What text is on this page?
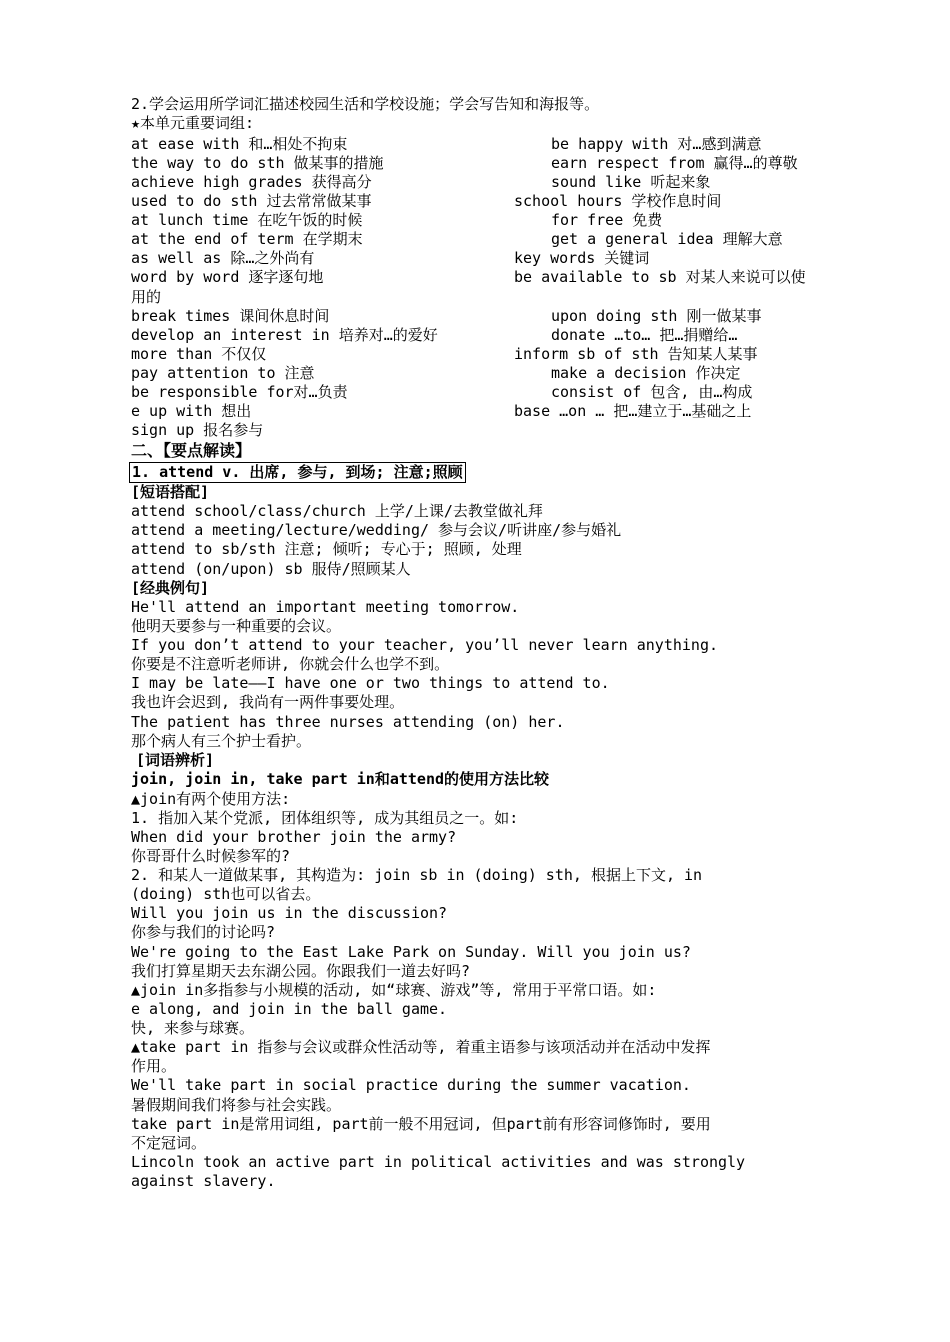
2.学会运用所学词汇描述校园生活和学校设施；学会写告知和海报等。
★本单元重要词组:
at ease with 和…相处不拘束
the way to do sth 做某事的措施
achieve high grades 获得高分
used to do sth 过去常常做某事
at lunch time 在吃午饭的时候
at the end of term 在学期末
as well as 除…之外尚有
word by word 逐字逐句地
be happy with 对…感到满意
earn respect from 赢得…的尊敬
sound like 听起来象
school hours 学校作息时间
for free 免费
get a general idea 理解大意
key words 关键词
be available to sb 对某人来说可以使
用的
break times 课间休息时间
develop an interest in 培养对…的爱好
more than 不仅仅
pay attention to 注意
be responsible for对…负责
e up with 想出
sign up 报名参与
upon doing sth 刚一做某事
donate …to… 把…捐赠给…
inform sb of sth 告知某人某事
make a decision 作决定
consist of 包含, 由…构成
base …on … 把…建立于…基础之上
二、【要点解读】
1. attend v. 出席, 参与, 到场; 注意;照顾
[短语搭配]
attend school/class/church 上学/上课/去教堂做礼拜
attend a meeting/lecture/wedding/ 参与会议/听讲座/参与婚礼
attend to sb/sth 注意; 倾听; 专心于; 照顾, 处理
attend (on/upon) sb 服侍/照顾某人
[经典例句]
He'll attend an important meeting tomorrow.
他明天要参与一种重要的会议。
If you don’t attend to your teacher, you’ll never learn anything.
你要是不注意听老师讲, 你就会什么也学不到。
I may be late——I have one or two things to attend to.
我也许会迟到, 我尚有一两件事要处理。
The patient has three nurses attending (on) her.
那个病人有三个护士看护。
[词语辨析]
join, join in, take part in和attend的使用方法比较
▲join有两个使用方法:
1. 指加入某个党派, 团体组织等, 成为其组员之一。如:
When did your brother join the army?
你哥哥什么时候参军的?
2. 和某人一道做某事, 其构造为: join sb in (doing) sth, 根据上下文, in
(doing) sth也可以省去。
Will you join us in the discussion?
你参与我们的讨论吗?
We're going to the East Lake Park on Sunday. Will you join us?
我们打算星期天去东湖公园。你跟我们一道去好吗?
▲join in多指参与小规模的活动, 如“球赛、游戏”等, 常用于平常口语。如:
e along, and join in the ball game.
快, 来参与球赛。
▲take part in 指参与会议或群众性活动等, 着重主语参与该项活动并在活动中发挥
作用。
We'll take part in social practice during the summer vacation.
暑假期间我们将参与社会实践。
take part in是常用词组, part前一般不用冠词, 但part前有形容词修饰时, 要用
不定冠词。
Lincoln took an active part in political activities and was strongly
against slavery.
